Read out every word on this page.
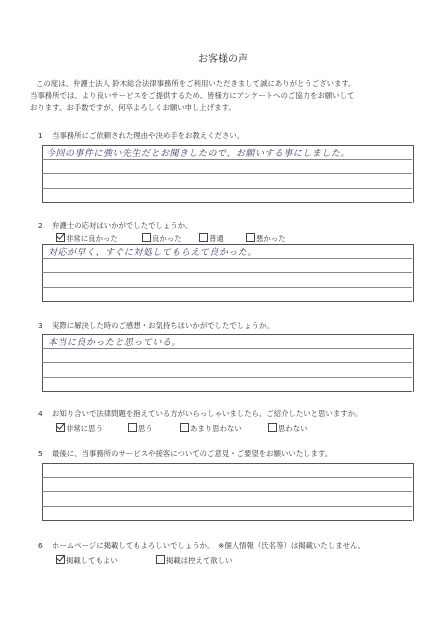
お客様の声
この度は、弁護士法人 鈴木総合法律事務所をご利用いただきまして誠にありがとうございます。
当事務所では、より良いサービスをご提供するため、皆様方にアンケートへのご協力をお願いして
おります。お手数ですが、何卒よろしくお願い申し上げます。
1 当事務所にご依頼された理由や決め手をお教えください。
今回の事件に強い先生だとお聞きしたので、お願いする事にしました。
2 弁護士の応対はいかがでしたでしょうか。
非常に良かった	良かった	普通	悪かった
対応が早く、すぐに対処してもらえて良かった。
3 実際に解決した時のご感想・お気持ちはいかがでしたでしょうか。
本当に良かったと思っている。
4 お知り合いで法律問題を抱えている方がいらっしゃいましたら、ご紹介したいと思いますか。
非常に思う	思う	あまり思わない	思わない
5 最後に、当事務所のサービスや接客についてのご意見・ご要望をお願いいたします。
6 ホームページに掲載してもよろしいでしょうか。　※個人情報（氏名等）は掲載いたしません。
掲載してもよい	掲載は控えて欲しい
